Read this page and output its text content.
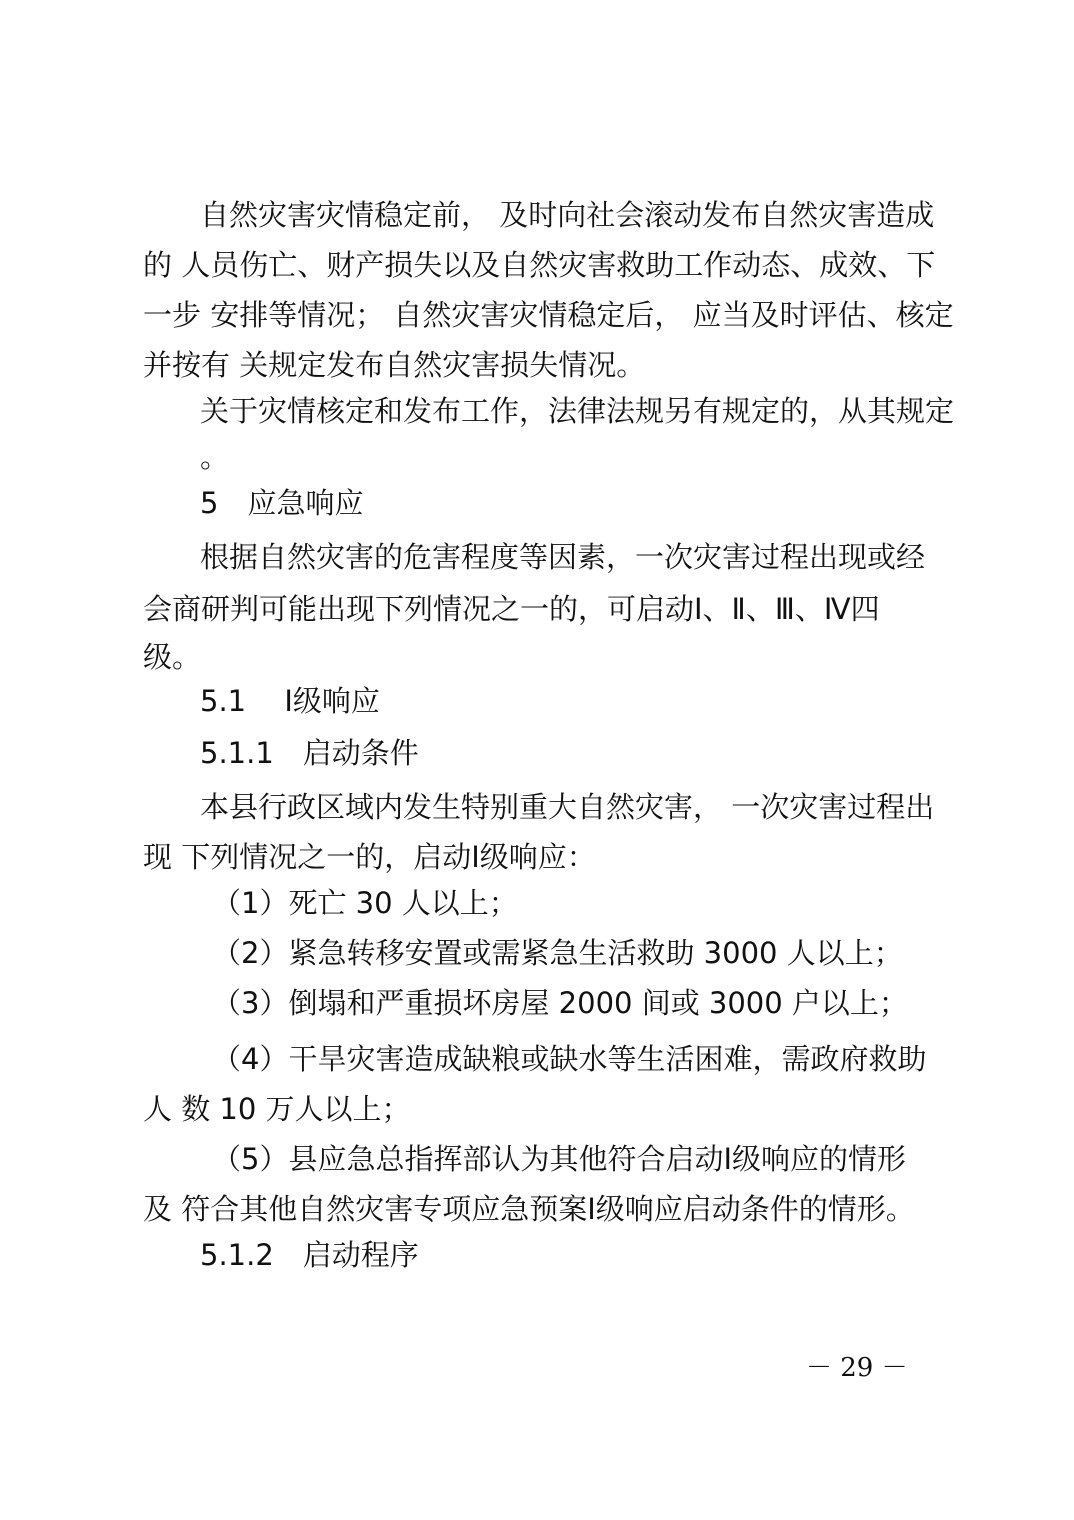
自然灾害灾情稳定前， 及时向社会滚动发布自然灾害造成
的 人员伤亡、财产损失以及自然灾害救助工作动态、成效、下
一步 安排等情况； 自然灾害灾情稳定后， 应当及时评估、核定
并按有 关规定发布自然灾害损失情况。
关于灾情核定和发布工作，法律法规另有规定的，从其规定
。
5　应急响应
根据自然灾害的危害程度等因素，一次灾害过程出现或经
会商研判可能出现下列情况之一的，可启动Ⅰ、Ⅱ、Ⅲ、Ⅳ四
级。
5.1　 Ⅰ级响应
5.1.1　启动条件
本县行政区域内发生特别重大自然灾害， 一次灾害过程出
现 下列情况之一的，启动Ⅰ级响应：
（1）死亡 30 人以上；
（2）紧急转移安置或需紧急生活救助 3000 人以上；
（3）倒塌和严重损坏房屋 2000 间或 3000 户以上；
（4）干旱灾害造成缺粮或缺水等生活困难，需政府救助
人 数 10 万人以上；
（5）县应急总指挥部认为其他符合启动Ⅰ级响应的情形
及 符合其他自然灾害专项应急预案Ⅰ级响应启动条件的情形。
5.1.2　启动程序
－ 29 －
